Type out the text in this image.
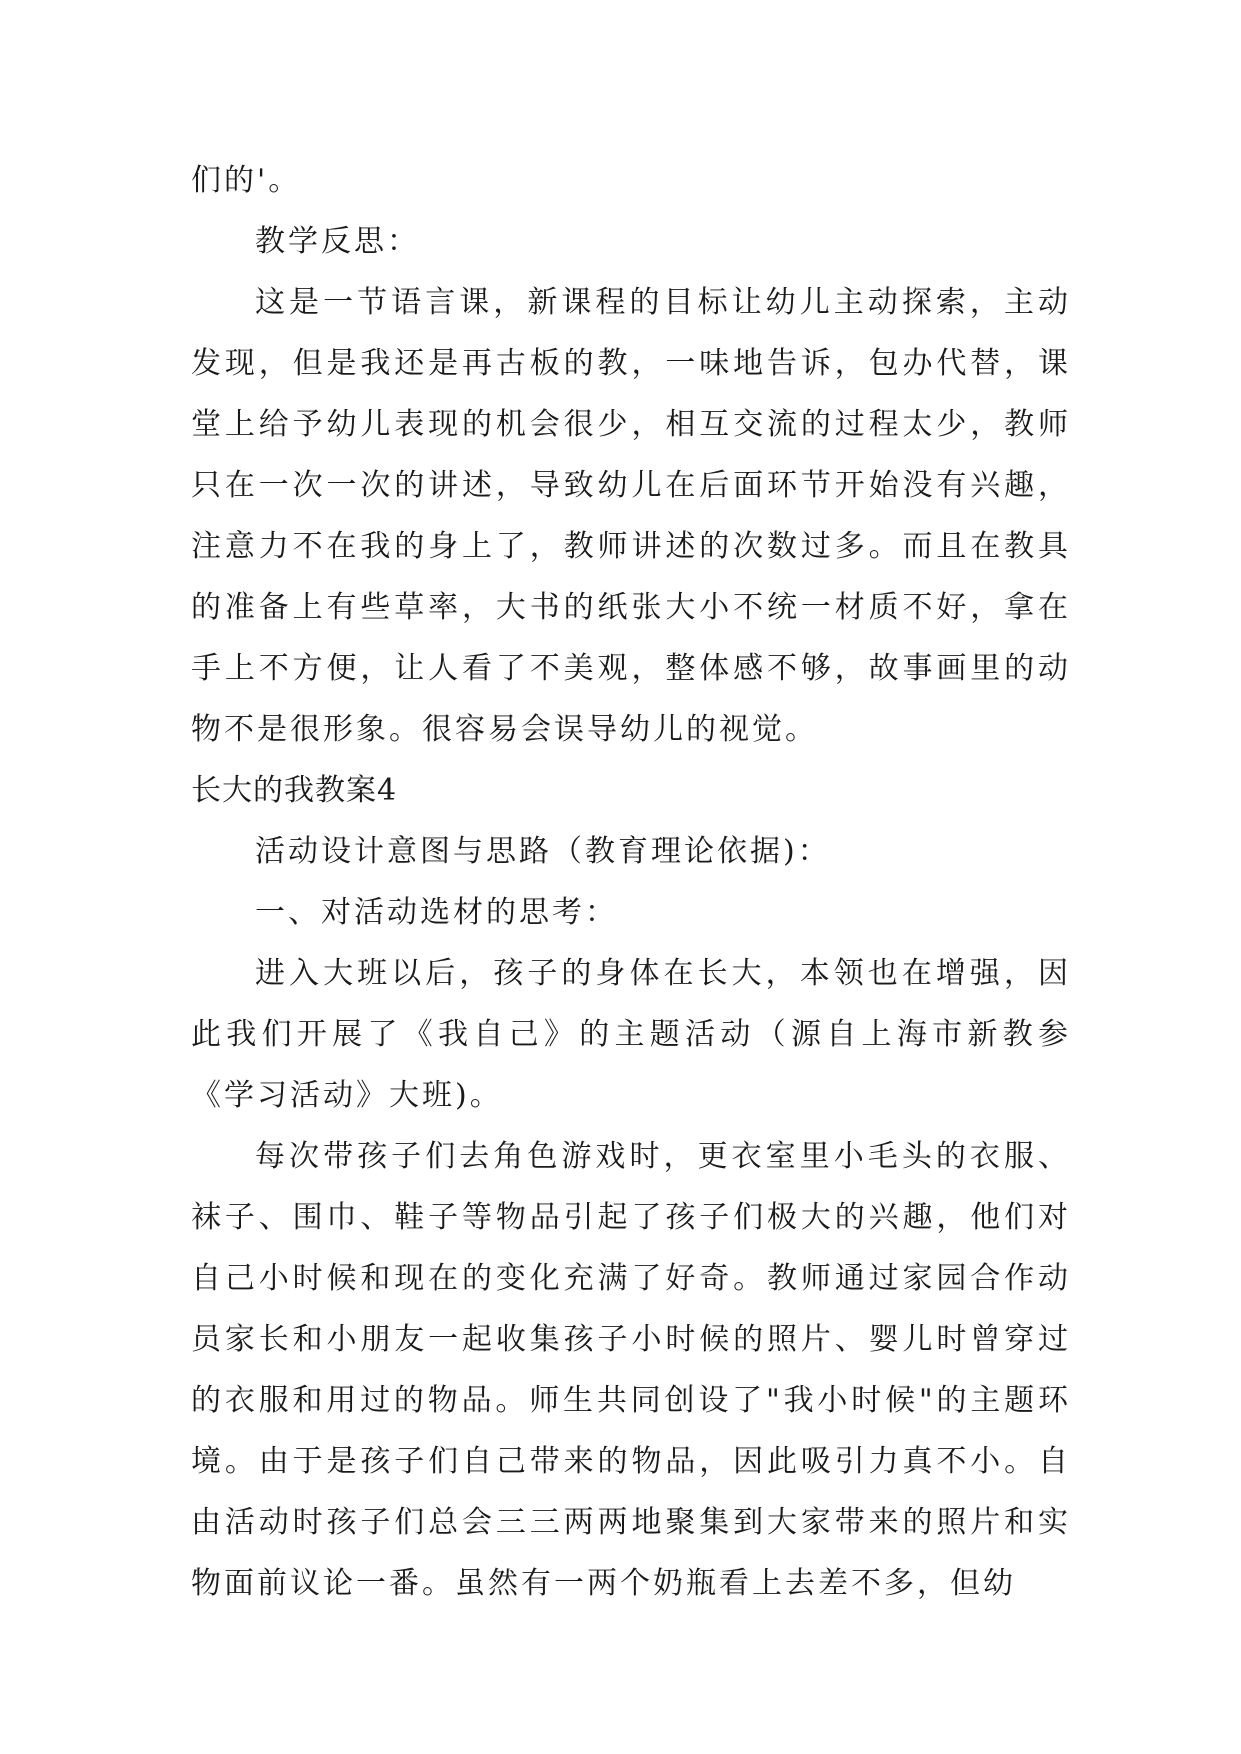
们的'。

教学反思：

这是一节语言课，新课程的目标让幼儿主动探索，主动发现，但是我还是再古板的教，一味地告诉，包办代替，课堂上给予幼儿表现的机会很少，相互交流的过程太少，教师只在一次一次的讲述，导致幼儿在后面环节开始没有兴趣，注意力不在我的身上了，教师讲述的次数过多。而且在教具的准备上有些草率，大书的纸张大小不统一材质不好，拿在手上不方便，让人看了不美观，整体感不够，故事画里的动物不是很形象。很容易会误导幼儿的视觉。

长大的我教案4

活动设计意图与思路（教育理论依据)：

一、对活动选材的思考：

进入大班以后，孩子的身体在长大，本领也在增强，因此我们开展了《我自己》的主题活动（源自上海市新教参《学习活动》大班)。

每次带孩子们去角色游戏时，更衣室里小毛头的衣服、袜子、围巾、鞋子等物品引起了孩子们极大的兴趣，他们对自己小时候和现在的变化充满了好奇。教师通过家园合作动员家长和小朋友一起收集孩子小时候的照片、婴儿时曾穿过的衣服和用过的物品。师生共同创设了"我小时候"的主题环境。由于是孩子们自己带来的物品，因此吸引力真不小。自由活动时孩子们总会三三两两地聚集到大家带来的照片和实物面前议论一番。虽然有一两个奶瓶看上去差不多，但幼
